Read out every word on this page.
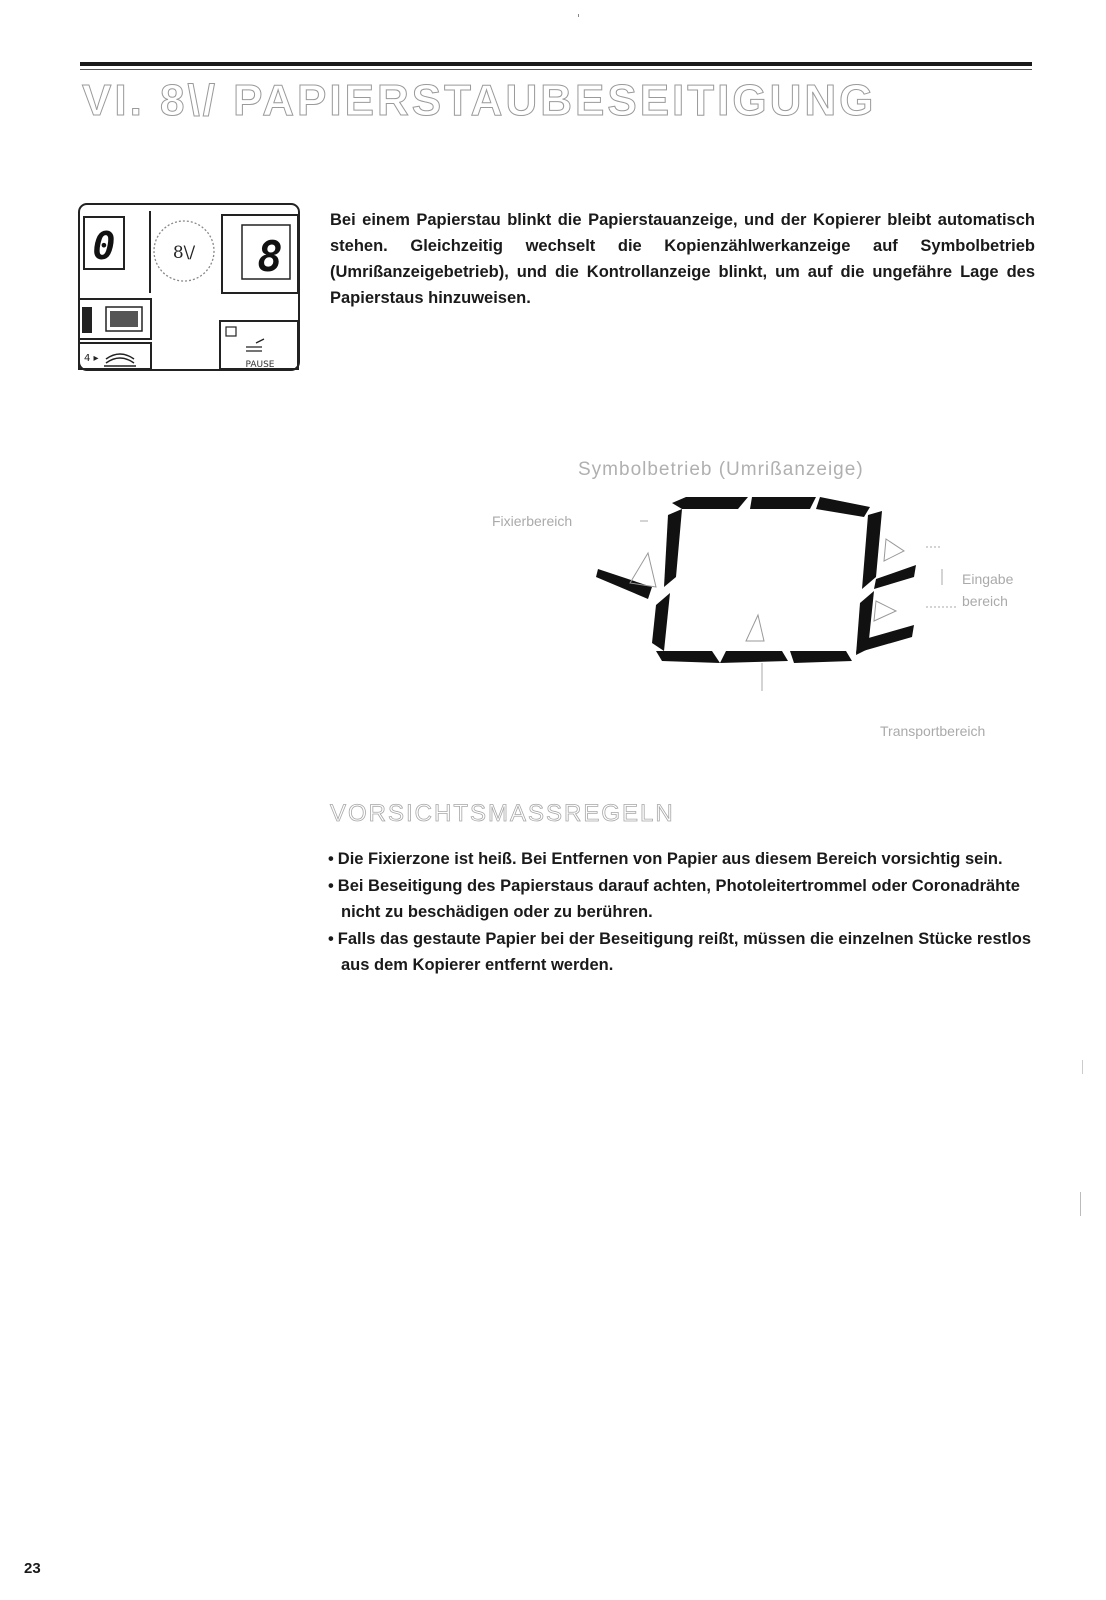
VI. 8\/ PAPIERSTAUBESEITIGUNG
0	8\/ 8
4 ▸
PAUSE

Bei einem Papierstau blinkt die Papierstauanzeige, und der Kopierer bleibt automatisch stehen. Gleichzeitig wechselt die Kopienzählwerkanzeige auf Symbolbetrieb (Umrißanzeigebetrieb), und die Kontrollanzeige blinkt, um auf die ungefähre Lage des Papierstaus hinzuweisen.

Symbolbetrieb (Umrißanzeige)
Fixierbereich
Eingabe
bereich
Transportbereich
VORSICHTSMASSREGELN
• Die Fixierzone ist heiß. Bei Entfernen von Papier aus diesem Bereich vorsichtig sein.
• Bei Beseitigung des Papierstaus darauf achten, Photoleitertrommel oder Coronadrähte nicht zu beschädigen oder zu berühren.
• Falls das gestaute Papier bei der Beseitigung reißt, müssen die einzelnen Stücke restlos aus dem Kopierer entfernt werden.
23
